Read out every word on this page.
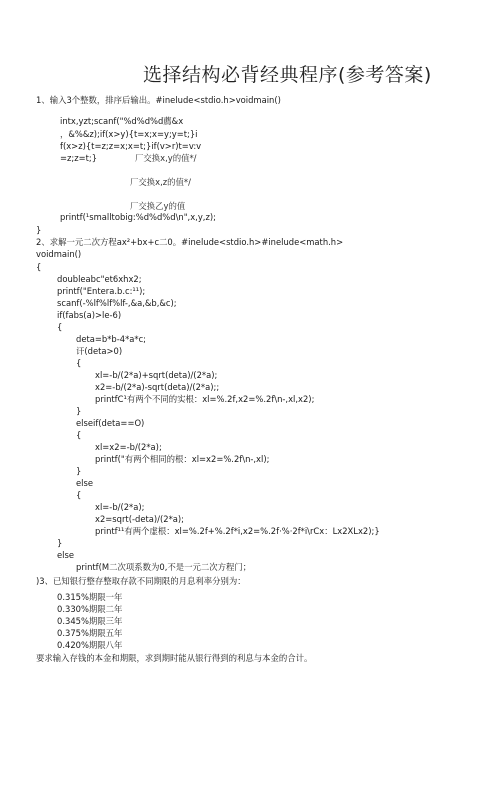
选择结构必背经典程序(参考答案)
1、输入3个整数，排序后输出。#inelude<stdio.h>voidmain()
intx,yzt;scanf("%d%d%d薦&x
，&%&z);if(x>y){t=x;x=y;y=t;}i
f(x>z){t=z;z=x;x=t;}if(v>r)t=v:v
=z;z=t;}	厂交换x,y的值*/
厂交换x,z的值*/
厂交换乙y的值
printf(¹smalltobig:%d%d%d\n",x,y,z);
}
2、求解一元二次方程ax²+bx+c二0。#inelude<stdio.h>#inelude<math.h>
voidmain()
{
doubleabc"et6xhx2;
printf("Entera.b.c:¹¹);
scanf(-%lf%lf%lf-,&a,&b,&c);
if(fabs(a)>le-6)
{
deta=b*b-4*a*c;
讦(deta>0)
{
xl=-b/(2*a)+sqrt(deta)/(2*a);
x2=-b/(2*a)-sqrt(deta)/(2*a);;
printfC¹有两个不同的实根：xl=%.2f,x2=%.2f\n-,xl,x2);
}
elseif(deta==O)
{
xl=x2=-b/(2*a);
printf("有两个相同的根：xl=x2=%.2f\n-,xl);
}
else
{
xl=-b/(2*a);
x2=sqrt(-deta)/(2*a);
printf¹¹有两个虚根：xl=%.2f+%.2f*i,x2=%.2f·%·2f*i\rCx：Lx2XLx2);}
}
else
printf(M二次项系数为0,不是一元二次方程门；
)3、已知银行整存整取存款不同期限的月息利率分别为：
0.315%期限一年
0.330%期限二年
0.345%期限三年
0.375%期限五年
0.420%期限八年
要求输入存钱的本金和期限，求到期时能从银行得到的利息与本金的合计。
